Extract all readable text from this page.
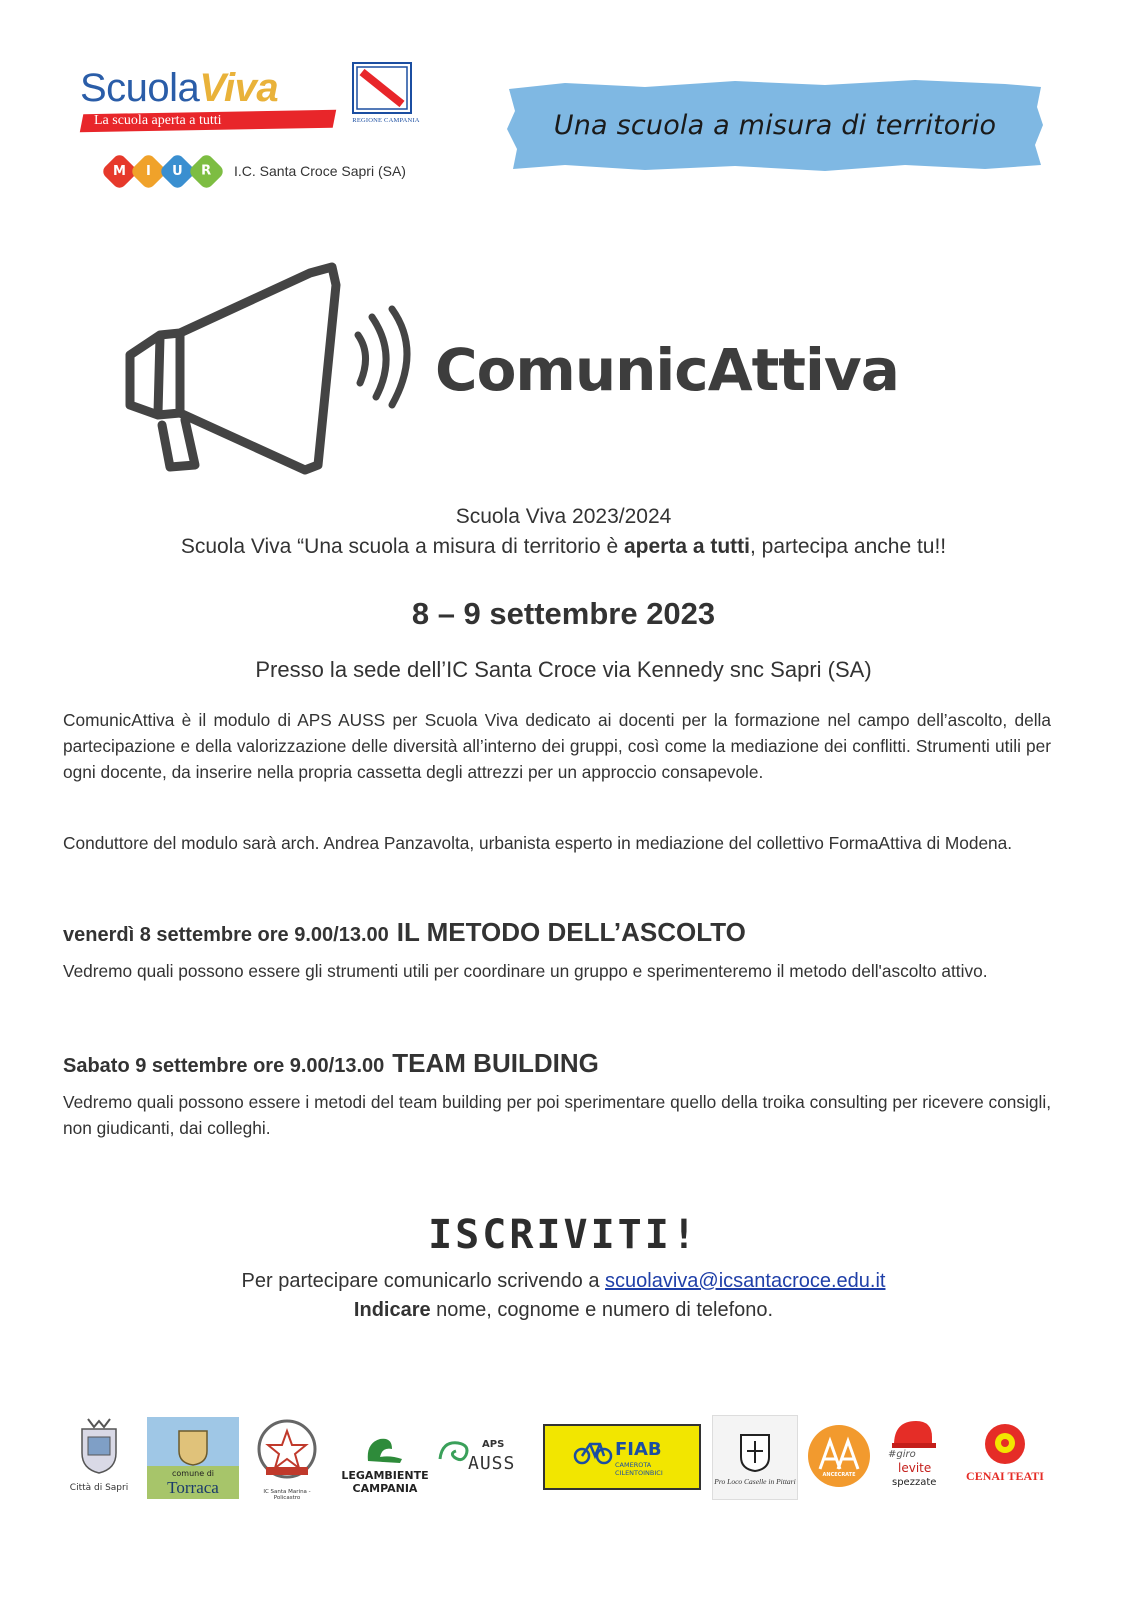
ScuolaViva
La scuola aperta a tutti	REGIONE CAMPANIA
M I U R I.C. Santa Croce Sapri (SA)
Una scuola a misura di territorio
ComunicAttiva
Scuola Viva 2023/2024
Scuola Viva “Una scuola a misura di territorio è aperta a tutti, partecipa anche tu!!
8 – 9 settembre 2023
Presso la sede dell’IC Santa Croce via Kennedy snc Sapri (SA)

ComunicAttiva è il modulo di APS AUSS per Scuola Viva dedicato ai docenti per la formazione nel campo dell’ascolto, della partecipazione e della valorizzazione delle diversità all’interno dei gruppi, così come la mediazione dei conflitti. Strumenti utili per ogni docente, da inserire nella propria cassetta degli attrezzi per un approccio consapevole.

Conduttore del modulo sarà arch. Andrea Panzavolta, urbanista esperto in mediazione del collettivo FormaAttiva di Modena.

venerdì 8 settembre ore 9.00/13.00 IL METODO DELL’ASCOLTO

Vedremo quali possono essere gli strumenti utili per coordinare un gruppo e sperimenteremo il metodo dell'ascolto attivo.

Sabato 9 settembre ore 9.00/13.00 TEAM BUILDING

Vedremo quali possono essere i metodi del team building per poi sperimentare quello della troika consulting per ricevere consigli, non giudicanti, dai colleghi.

ISCRIVITI!
Per partecipare comunicarlo scrivendo a scuolaviva@icsantacroce.edu.it
Indicare nome, cognome e numero di telefono.
Città di Sapri
comune di
Torraca	IC Santa Marina - Policastro
LEGAMBIENTE
CAMPANIA
APS
AUSS
FIAB
CAMEROTA
CILENTOINBICI
Pro Loco Caselle in Pittari
ANCECRATE
#giro
levite
spezzate	CENAI TEATI
